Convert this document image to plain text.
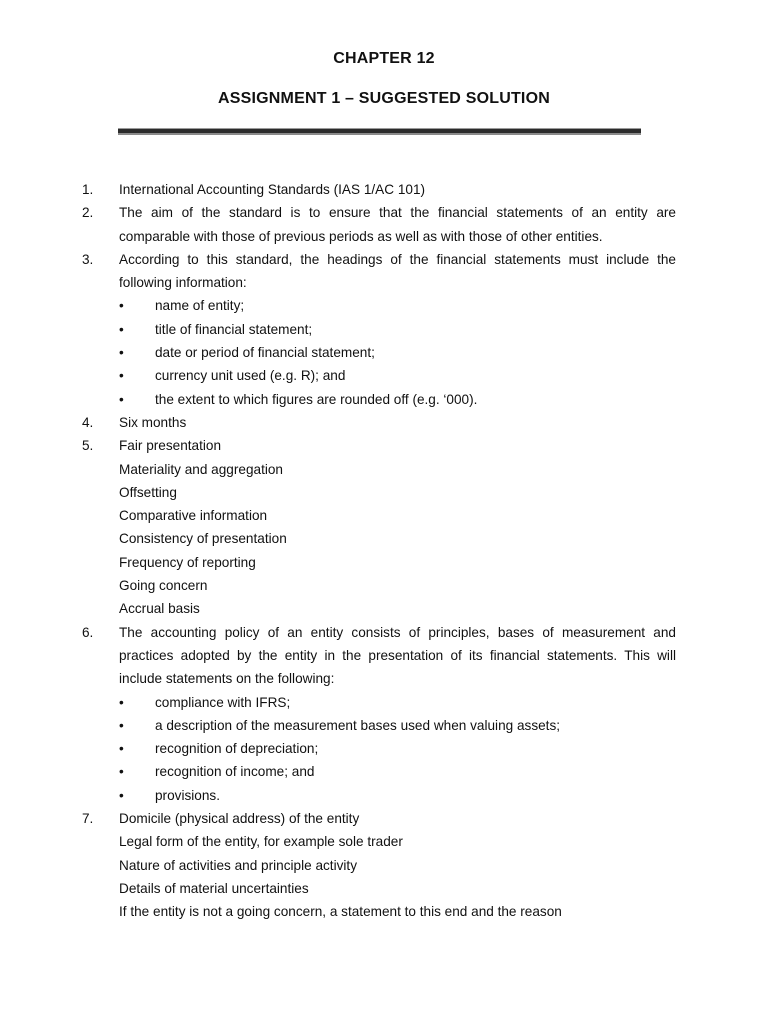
CHAPTER 12
ASSIGNMENT 1 – SUGGESTED SOLUTION
1.	International Accounting Standards (IAS 1/AC 101)
2.	The aim of the standard is to ensure that the financial statements of an entity are comparable with those of previous periods as well as with those of other entities.
3.	According to this standard, the headings of the financial statements must include the following information:
•	name of entity;
•	title of financial statement;
•	date or period of financial statement;
•	currency unit used (e.g. R); and
•	the extent to which figures are rounded off (e.g. ‘000).
4.	Six months
5.	Fair presentation
Materiality and aggregation
Offsetting
Comparative information
Consistency of presentation
Frequency of reporting
Going concern
Accrual basis
6.	The accounting policy of an entity consists of principles, bases of measurement and practices adopted by the entity in the presentation of its financial statements. This will include statements on the following:
•	compliance with IFRS;
•	a description of the measurement bases used when valuing assets;
•	recognition of depreciation;
•	recognition of income; and
•	provisions.
7.	Domicile (physical address) of the entity
Legal form of the entity, for example sole trader
Nature of activities and principle activity
Details of material uncertainties
If the entity is not a going concern, a statement to this end and the reason
